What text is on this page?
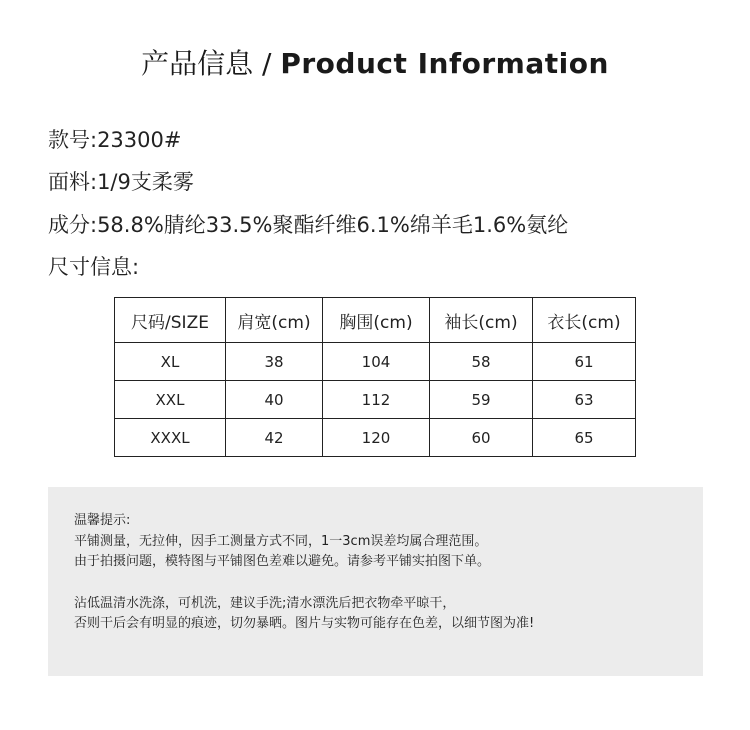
产品信息 / Product Information
款号:23300#
面料:1/9支柔雾
成分:58.8%腈纶33.5%聚酯纤维6.1%绵羊毛1.6%氨纶
尺寸信息:
尺码/SIZE	肩宽(cm)	胸围(cm)	袖长(cm)	衣长(cm)
XL	38	104	58	61
XXL	40	112	59	63
XXXL	42	120	60	65

温馨提示:

平铺测量，无拉伸，因手工测量方式不同，1一3cm误差均属合理范围。

由于拍摄问题，模特图与平铺图色差难以避免。请参考平铺实拍图下单。

沾低温清水洗涤，可机洗，建议手洗;清水漂洗后把衣物牵平晾干，

否则干后会有明显的痕迹，切勿暴晒。图片与实物可能存在色差，以细节图为准!
